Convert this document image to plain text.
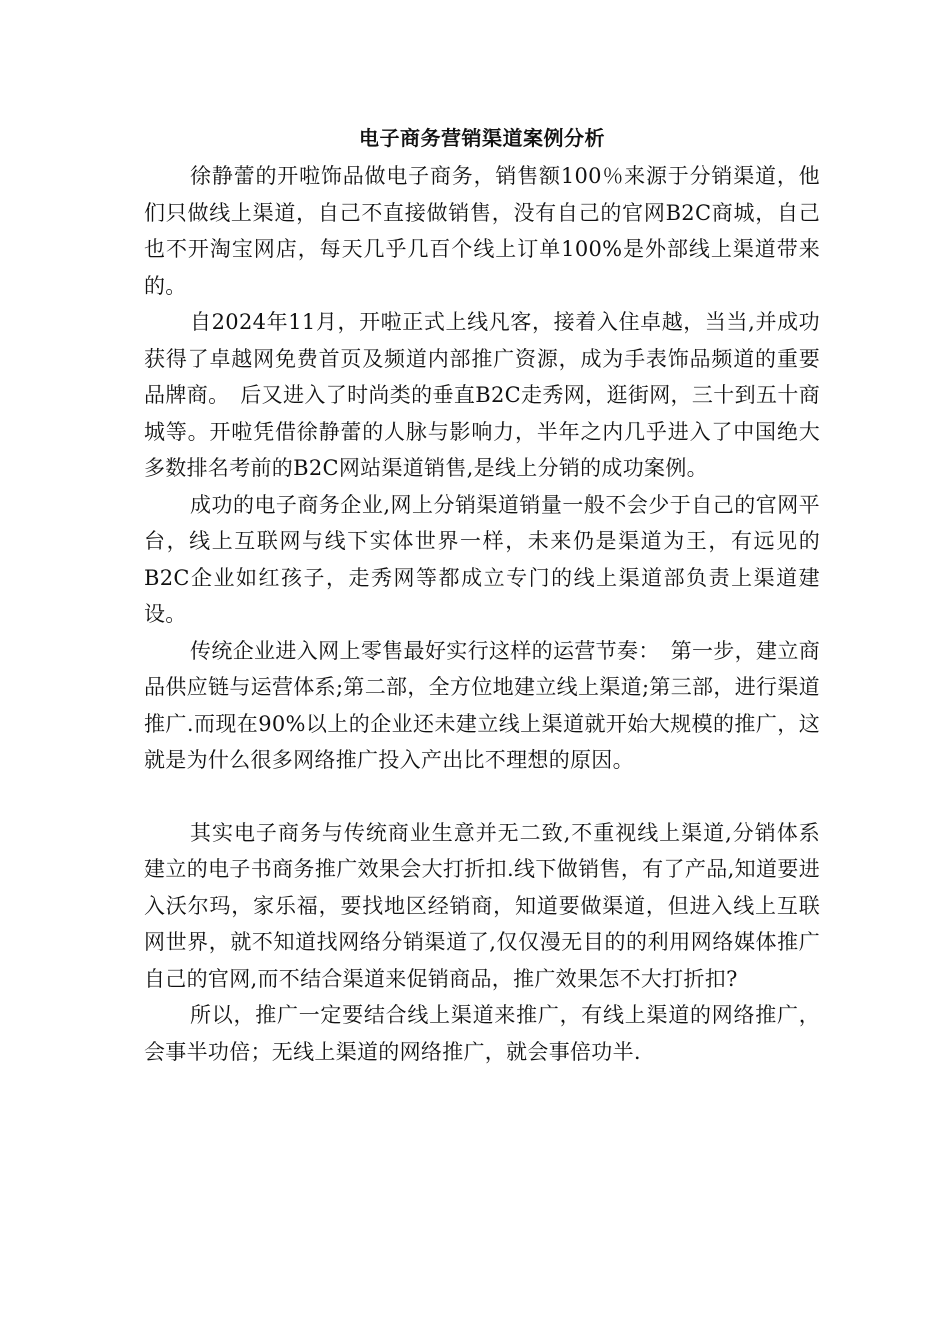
电子商务营销渠道案例分析

徐静蕾的开啦饰品做电子商务，销售额100％来源于分销渠道，他们只做线上渠道，自己不直接做销售，没有自己的官网B2C商城，自己也不开淘宝网店，每天几乎几百个线上订单100%是外部线上渠道带来的。

自2024年11月，开啦正式上线凡客，接着入住卓越，当当,并成功获得了卓越网免费首页及频道内部推广资源，成为手表饰品频道的重要品牌商。　后又进入了时尚类的垂直B2C走秀网，逛街网，三十到五十商城等。开啦凭借徐静蕾的人脉与影响力，半年之内几乎进入了中国绝大多数排名考前的B2C网站渠道销售,是线上分销的成功案例。

成功的电子商务企业,网上分销渠道销量一般不会少于自己的官网平台，线上互联网与线下实体世界一样，未来仍是渠道为王，有远见的B2C企业如红孩子，走秀网等都成立专门的线上渠道部负责上渠道建设。

传统企业进入网上零售最好实行这样的运营节奏：　第一步，建立商品供应链与运营体系;第二部，全方位地建立线上渠道;第三部，进行渠道推广.而现在90%以上的企业还未建立线上渠道就开始大规模的推广，这就是为什么很多网络推广投入产出比不理想的原因。

其实电子商务与传统商业生意并无二致,不重视线上渠道,分销体系建立的电子书商务推广效果会大打折扣.线下做销售，有了产品,知道要进入沃尔玛，家乐福，要找地区经销商，知道要做渠道，但进入线上互联网世界，就不知道找网络分销渠道了,仅仅漫无目的的利用网络媒体推广自己的官网,而不结合渠道来促销商品，推广效果怎不大打折扣?

所以，推广一定要结合线上渠道来推广，有线上渠道的网络推广，会事半功倍；无线上渠道的网络推广，就会事倍功半.
